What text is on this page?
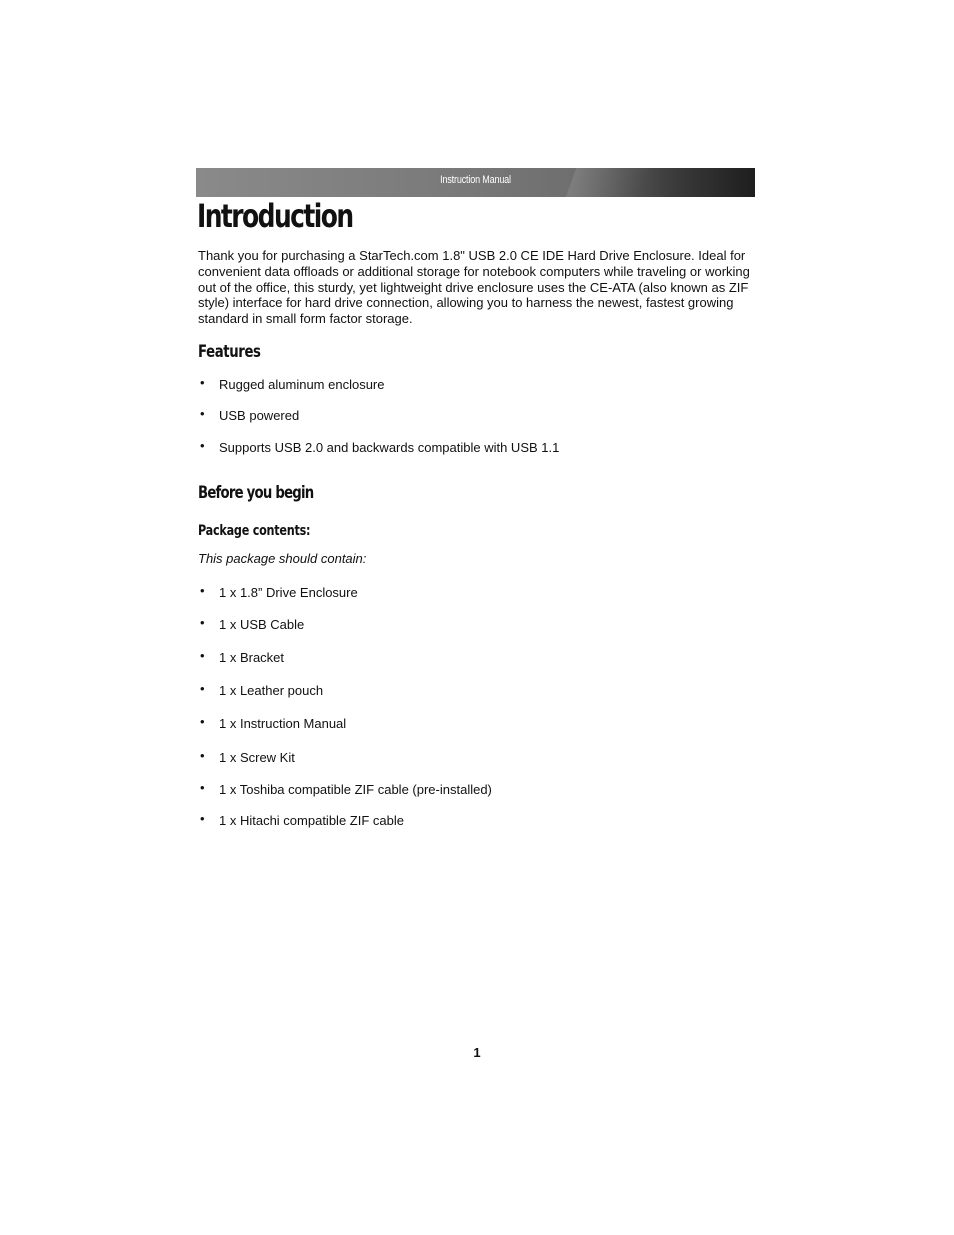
Instruction Manual
Introduction

Thank you for purchasing a StarTech.com 1.8" USB 2.0 CE IDE Hard Drive Enclosure. Ideal for convenient data offloads or additional storage for notebook computers while traveling or working out of the office, this sturdy, yet lightweight drive enclosure uses the CE-ATA (also known as ZIF style) interface for hard drive connection, allowing you to harness the newest, fastest growing standard in small form factor storage.

Features
• Rugged aluminum enclosure
• USB powered
• Supports USB 2.0 and backwards compatible with USB 1.1
Before you begin
Package contents:

This package should contain:

• 1 x 1.8” Drive Enclosure
• 1 x USB Cable
• 1 x Bracket
• 1 x Leather pouch
• 1 x Instruction Manual
• 1 x Screw Kit
• 1 x Toshiba compatible ZIF cable (pre-installed)
• 1 x Hitachi compatible ZIF cable
1
